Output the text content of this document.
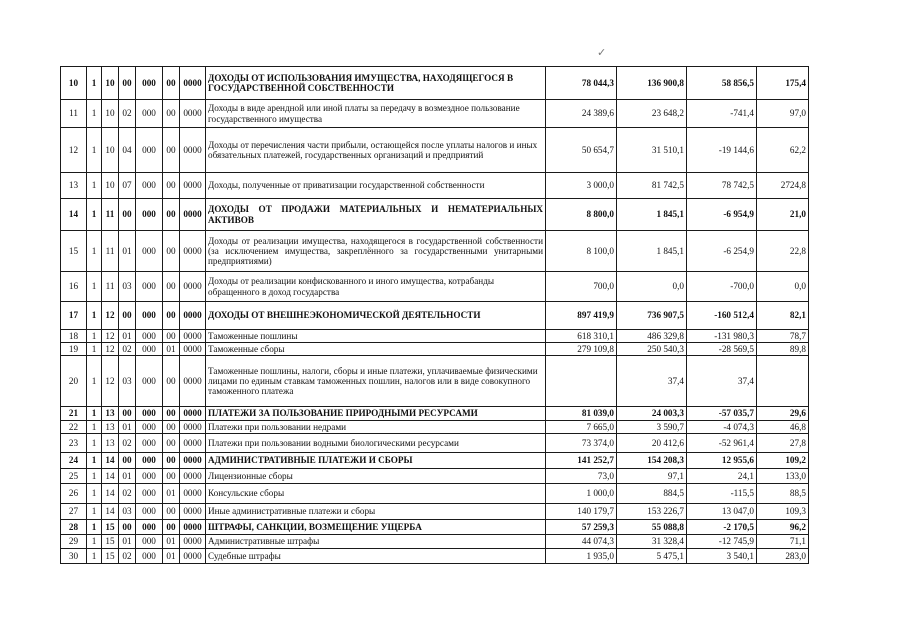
✓
10	1	10	00	000	00	0000	ДОХОДЫ ОТ ИСПОЛЬЗОВАНИЯ ИМУЩЕСТВА, НАХОДЯЩЕГОСЯ В ГОСУДАРСТВЕННОЙ СОБСТВЕННОСТИ	78 044,3	136 900,8	58 856,5	175,4
11	1	10	02	000	00	0000	Доходы в виде арендной или иной платы за передачу в возмездное пользование государственного имущества	24 389,6	23 648,2	-741,4	97,0
12	1	10	04	000	00	0000	Доходы от перечисления части прибыли, остающейся после уплаты налогов и иных обязательных платежей, государственных организаций и предприятий	50 654,7	31 510,1	-19 144,6	62,2
13	1	10	07	000	00	0000	Доходы, полученные от приватизации государственной собственности	3 000,0	81 742,5	78 742,5	2724,8
14	1	11	00	000	00	0000	ДОХОДЫ ОТ ПРОДАЖИ МАТЕРИАЛЬНЫХ И НЕМАТЕРИАЛЬНЫХ АКТИВОВ	8 800,0	1 845,1	-6 954,9	21,0
15	1	11	01	000	00	0000	Доходы от реализации имущества, находящегося в государственной собственности (за исключением имущества, закреплённого за государственными унитарными предприятиями)	8 100,0	1 845,1	-6 254,9	22,8
16	1	11	03	000	00	0000	Доходы от реализации конфискованного и иного имущества, котрабанды обращенного в доход государства	700,0	0,0	-700,0	0,0
17	1	12	00	000	00	0000	ДОХОДЫ ОТ ВНЕШНЕЭКОНОМИЧЕСКОЙ ДЕЯТЕЛЬНОСТИ	897 419,9	736 907,5	-160 512,4	82,1
18	1	12	01	000	00	0000	Таможенные пошлины	618 310,1	486 329,8	-131 980,3	78,7
19	1	12	02	000	01	0000	Таможенные сборы	279 109,8	250 540,3	-28 569,5	89,8
20	1	12	03	000	00	0000	Таможенные пошлины, налоги, сборы и иные платежи, уплачиваемые физическими лицами по единым ставкам таможенных пошлин, налогов или в виде совокупного таможенного платежа		37,4	37,4	
21	1	13	00	000	00	0000	ПЛАТЕЖИ ЗА ПОЛЬЗОВАНИЕ ПРИРОДНЫМИ РЕСУРСАМИ	81 039,0	24 003,3	-57 035,7	29,6
22	1	13	01	000	00	0000	Платежи при пользовании недрами	7 665,0	3 590,7	-4 074,3	46,8
23	1	13	02	000	00	0000	Платежи при пользовании водными биологическими ресурсами	73 374,0	20 412,6	-52 961,4	27,8
24	1	14	00	000	00	0000	АДМИНИСТРАТИВНЫЕ ПЛАТЕЖИ И СБОРЫ	141 252,7	154 208,3	12 955,6	109,2
25	1	14	01	000	00	0000	Лицензионные сборы	73,0	97,1	24,1	133,0
26	1	14	02	000	01	0000	Консульские сборы	1 000,0	884,5	-115,5	88,5
27	1	14	03	000	00	0000	Иные административные платежи и сборы	140 179,7	153 226,7	13 047,0	109,3
28	1	15	00	000	00	0000	ШТРАФЫ, САНКЦИИ, ВОЗМЕЩЕНИЕ УЩЕРБА	57 259,3	55 088,8	-2 170,5	96,2
29	1	15	01	000	01	0000	Административные штрафы	44 074,3	31 328,4	-12 745,9	71,1
30	1	15	02	000	01	0000	Судебные штрафы	1 935,0	5 475,1	3 540,1	283,0
